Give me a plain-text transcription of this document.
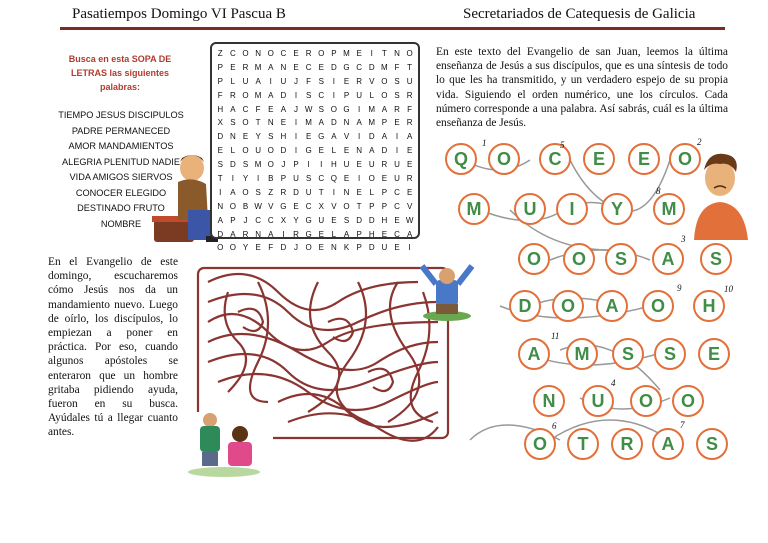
Pasatiempos Domingo VI Pascua B	Secretariados de Catequesis de Galicia
Busca en esta SOPA DE
LETRAS las siguientes
palabras:
TIEMPO JESUS DISCIPULOS
PADRE PERMANECED
AMOR MANDAMIENTOS
ALEGRIA PLENITUD NADIE
VIDA AMIGOS SIERVOS
CONOCER ELEGIDO
DESTINADO FRUTO
NOMBRE
Z C O N O C E R O P M E	I	T N O
P E R M A N E C E D G C D M F T
P L U A	I	U J	F S	I	E R V O S U
F R O M A D	I	S C	I	P U L O S R
H A C F E A J W S O G	I	M A R F
X S O T N E	I	M A D N A M P E R
D N E Y S H	I	E G A V	I	D A	I	A
E L O U O D	I	G E L E N A D	I	E
S D S M O J P	I	I	H U E U R U E
T	I	Y	I	B P U S C Q E	I	O E U R
I	A O S Z R D U T	I	N E L P C E
N O B W V G E C X V O T P P C V
A P J C C X Y G U E S D D H E W
D A R N A	I	R G E L A P H E C A
O O Y E F D J O E N K P D U E	I
En este texto del Evangelio de san Juan, leemos la última enseñanza de Jesús a sus discípulos, que es una síntesis de todo lo que les ha transmitido, y un verdadero espejo de su propia vida. Siguiendo el orden numérico, une los círculos. Cada número corresponde a una palabra. Así sabrás, cuál es la última enseñanza de Jesús.
En el Evangelio de este domingo, escucharemos cómo Jesús nos da un mandamiento nuevo. Luego de oírlo, los discípulos, lo empiezan a poner en práctica. Por eso, cuando algunos apóstoles se enteraron que un hombre gritaba pidiendo ayuda, fueron en su busca. Ayúdales tú a llegar cuanto antes.
Q	O	C	E	E	O
M	U	I	Y	M
O	O	S	A	S
D	O	A	O	H
A	M	S	S	E
N	U	O	O
O	T	R	A	S
1	2
3
4
5
6	7
8
9	10
11
